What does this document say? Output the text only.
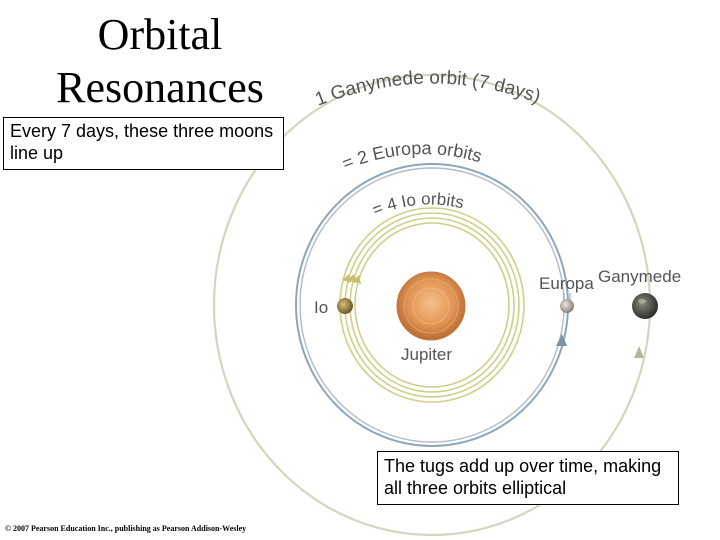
1 Ganymede orbit (7 days)
= 2 Europa orbits
= 4 Io orbits
Io
Europa Ganymede
Jupiter
Orbital
Resonances
Every 7 days, these three moons line up
The tugs add up over time, making all three orbits elliptical
© 2007 Pearson Education Inc., publishing as Pearson Addison-Wesley
